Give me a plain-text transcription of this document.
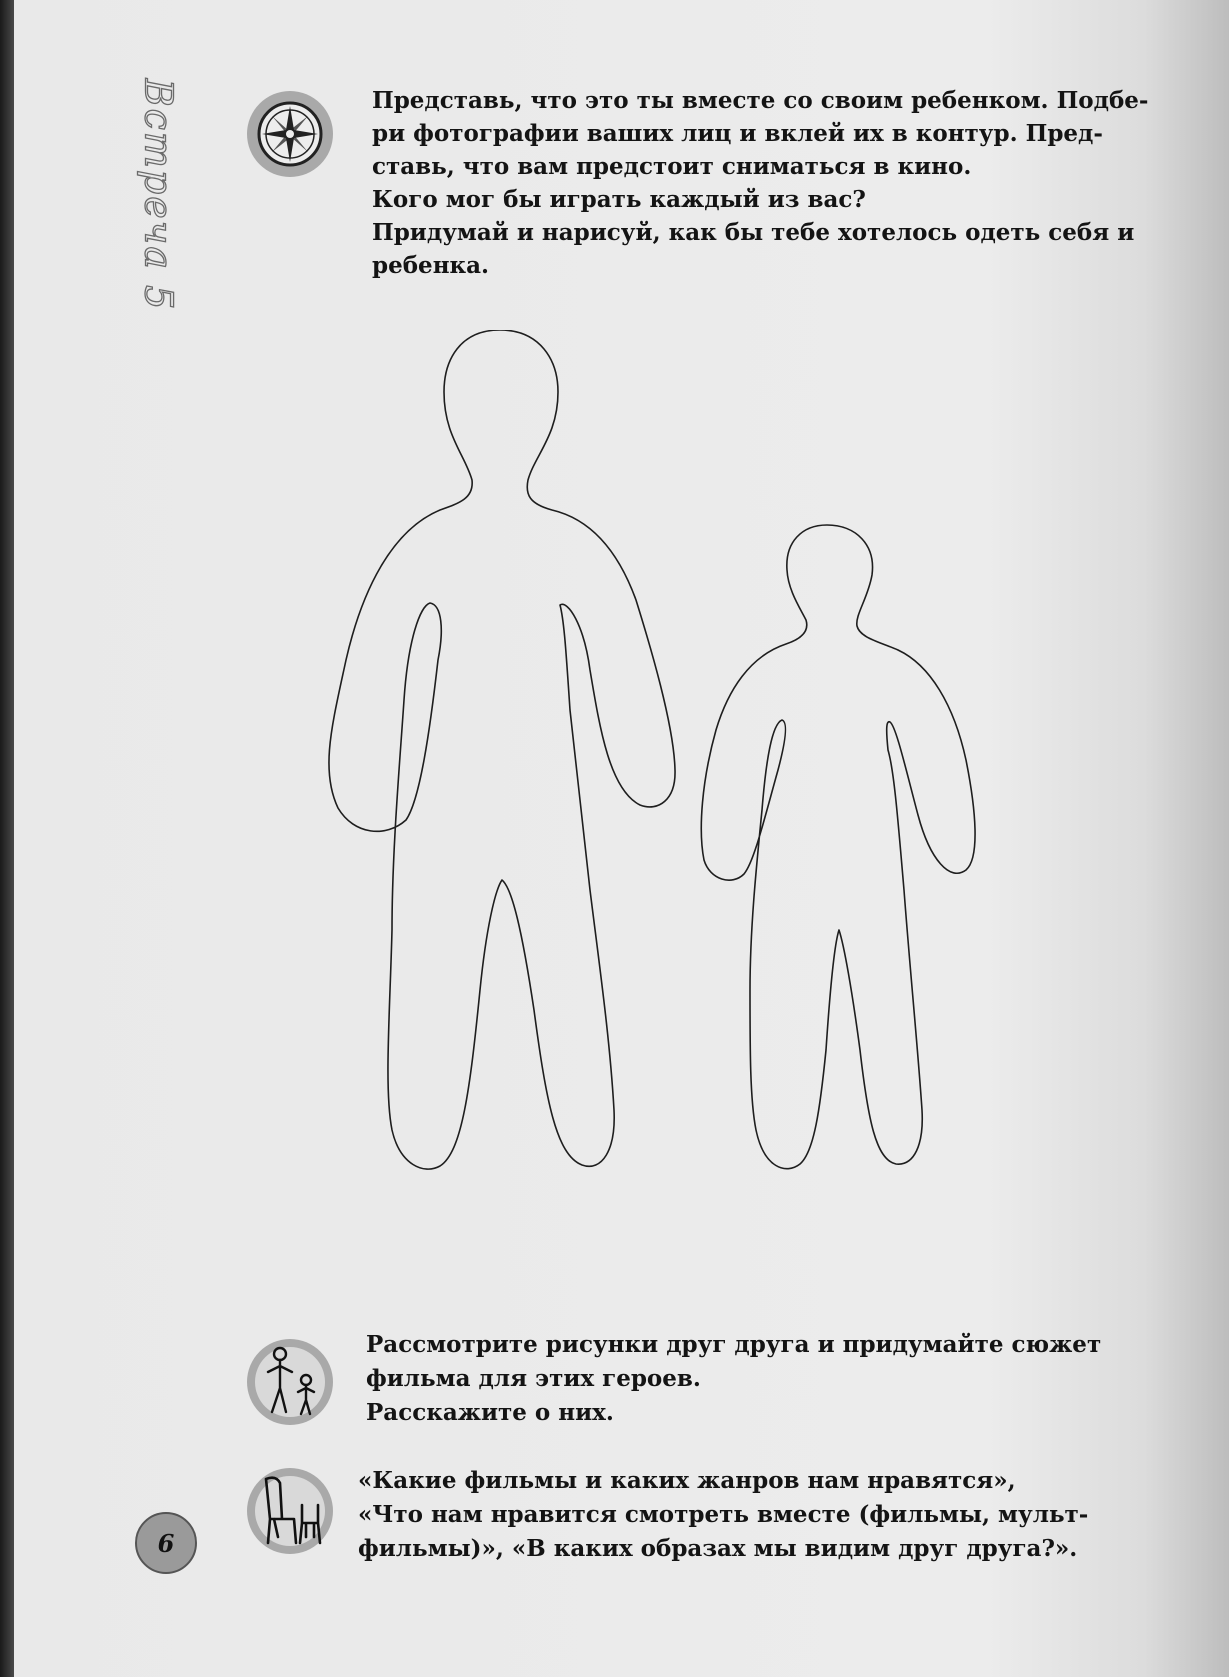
Встреча 5	Представь, что это ты вместе со своим ребенком. Подбе-

ри фотографии ваших лиц и вклей их в контур. Пред-

ставь, что вам предстоит сниматься в кино.

Кого мог бы играть каждый из вас?

Придумай и нарисуй, как бы тебе хотелось одеть себя и

ребенка.

Рассмотрите рисунки друг друга и придумайте сюжет

фильма для этих героев.

Расскажите о них.

«Какие фильмы и каких жанров нам нравятся»,

«Что нам нравится смотреть вместе (фильмы, мульт-

фильмы)», «В каких образах мы видим друг друга?».

6
